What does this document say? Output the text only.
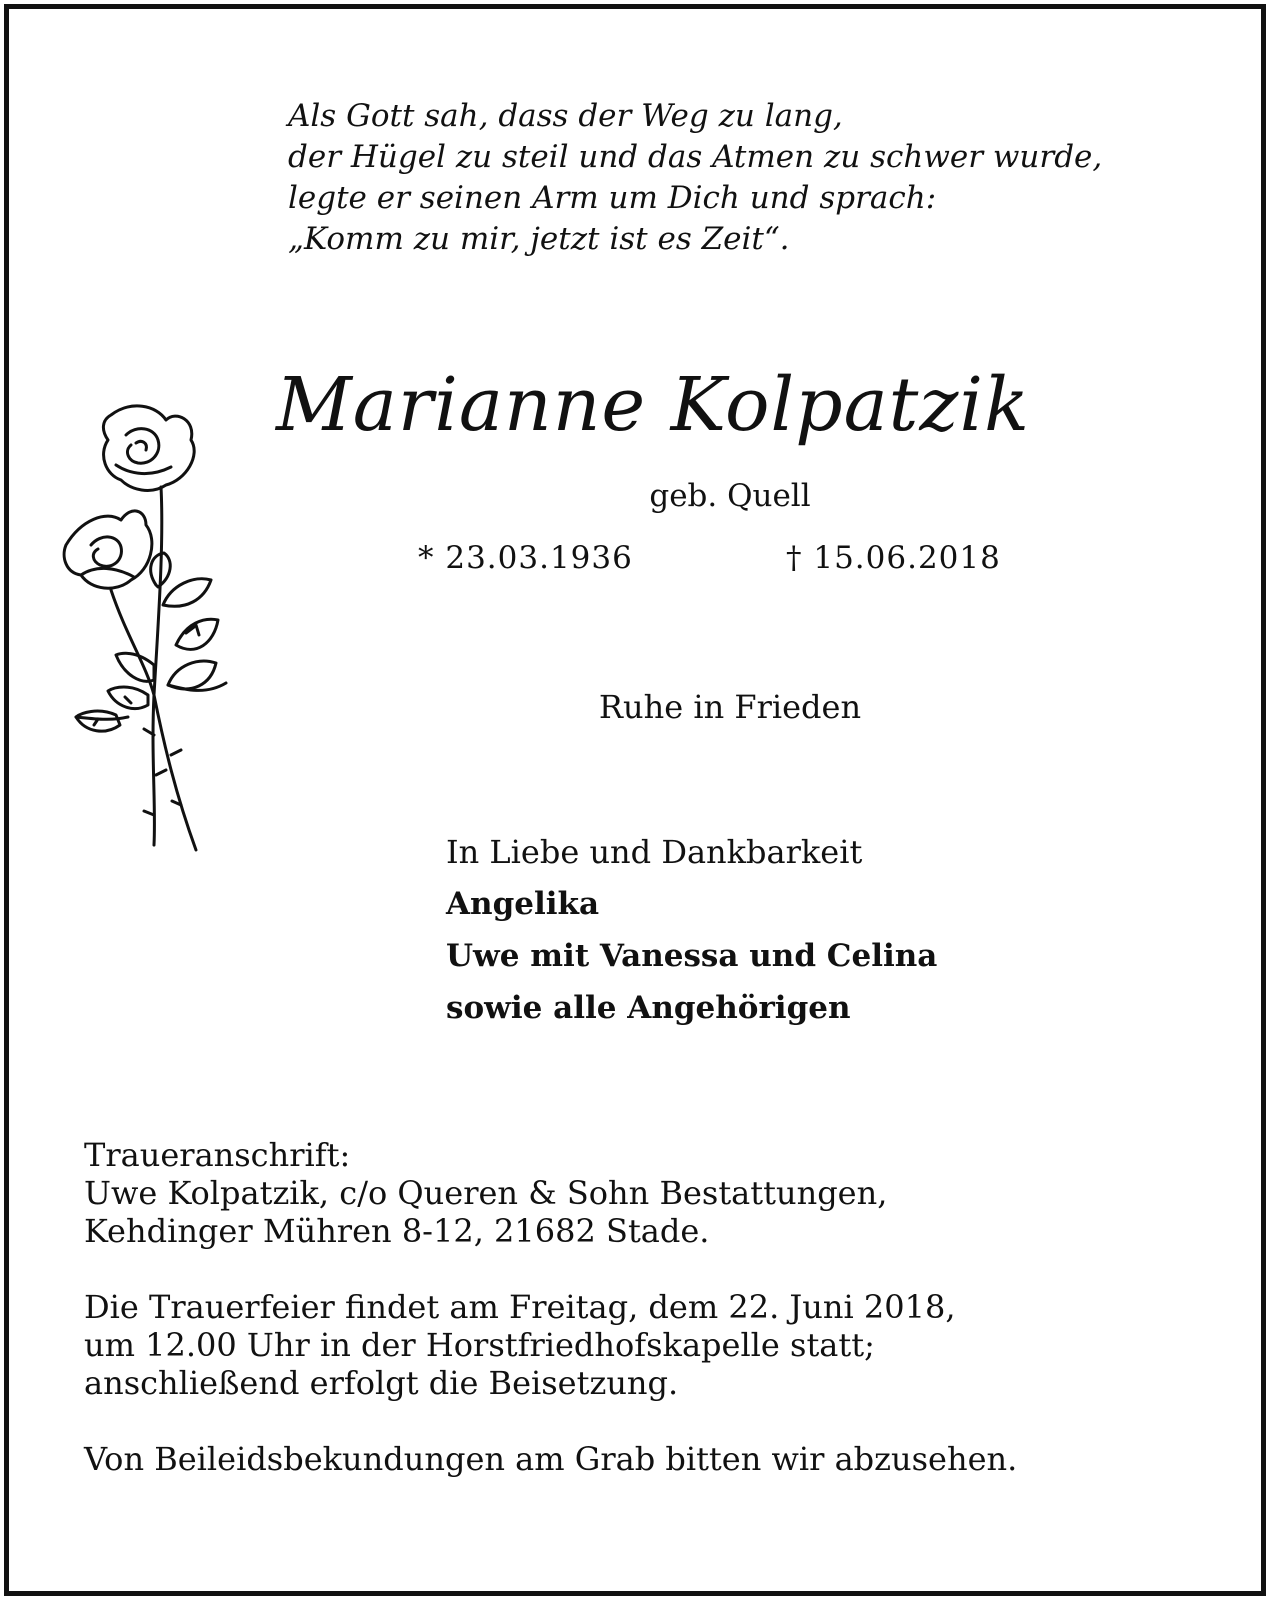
Als Gott sah, dass der Weg zu lang,
der Hügel zu steil und das Atmen zu schwer wurde,
legte er seinen Arm um Dich und sprach:
„Komm zu mir, jetzt ist es Zeit“.
Marianne Kolpatzik
geb. Quell
* 23.03.1936	† 15.06.2018
Ruhe in Frieden
In Liebe und Dankbarkeit
Angelika
Uwe mit Vanessa und Celina
sowie alle Angehörigen
Traueranschrift:
Uwe Kolpatzik, c/o Queren & Sohn Bestattungen,
Kehdinger Mühren 8-12, 21682 Stade.
Die Trauerfeier findet am Freitag, dem 22. Juni 2018,
um 12.00 Uhr in der Horstfriedhofskapelle statt;
anschließend erfolgt die Beisetzung.
Von Beileidsbekundungen am Grab bitten wir abzusehen.
